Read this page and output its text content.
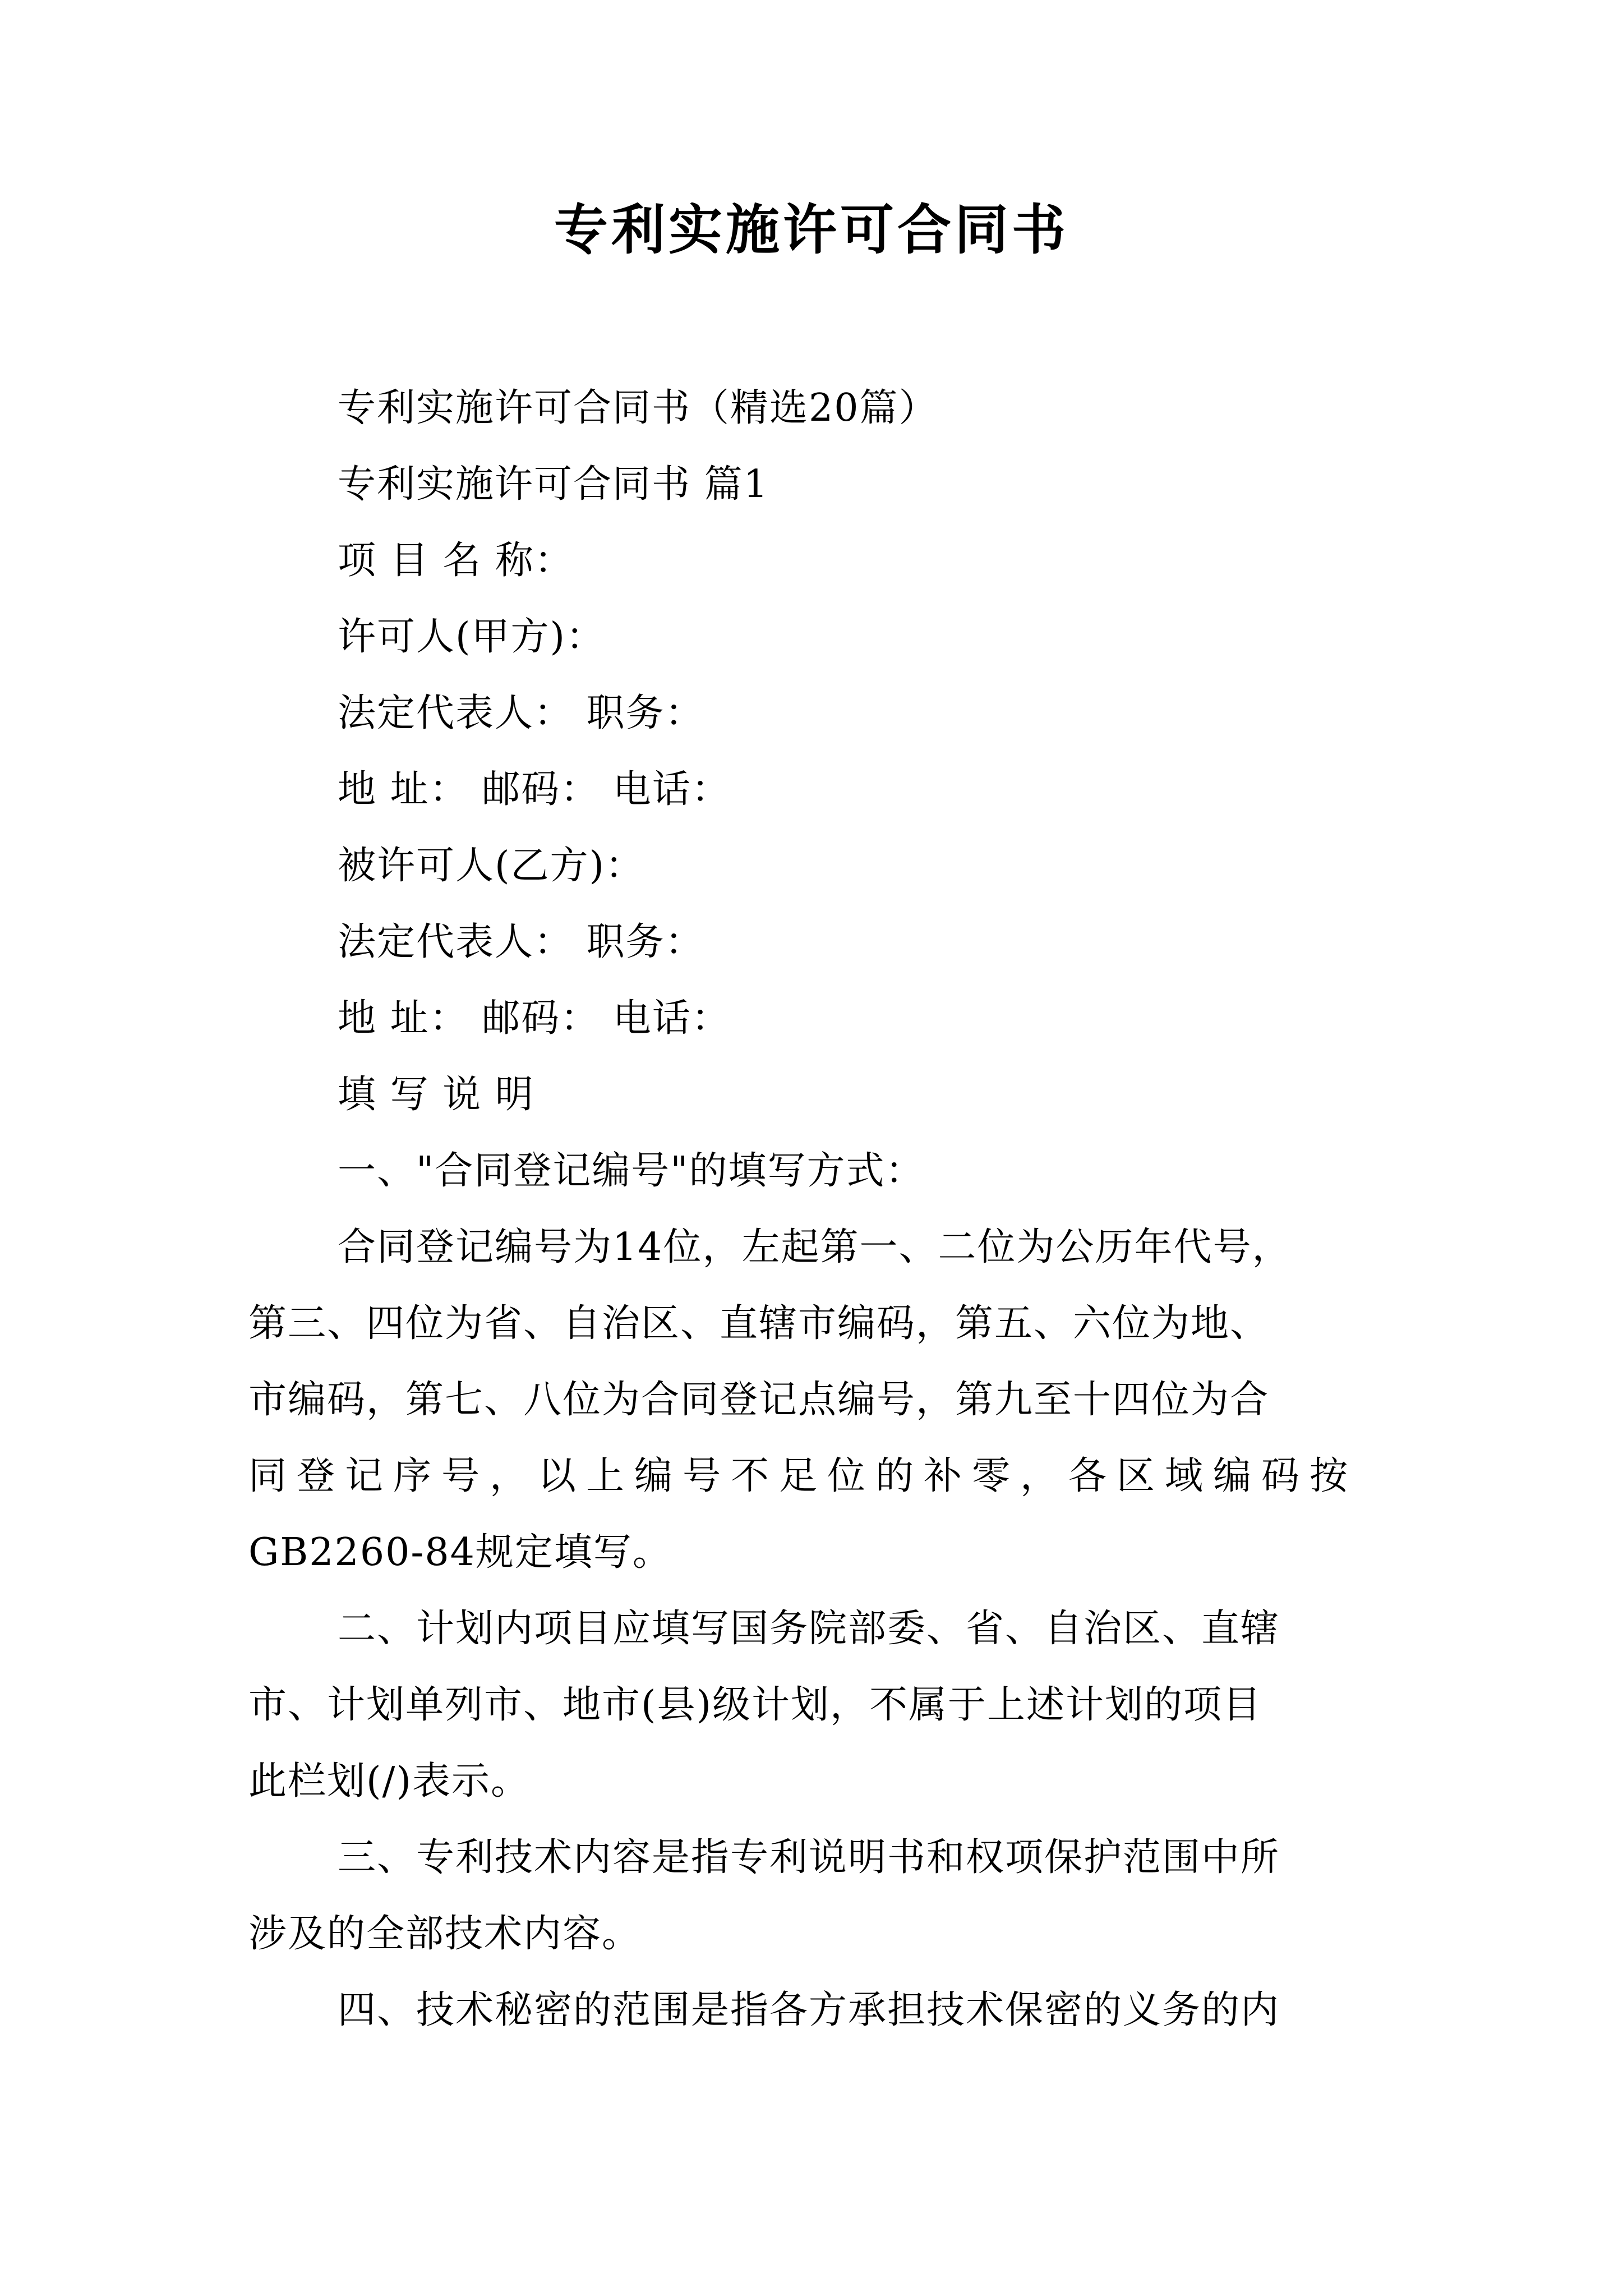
专利实施许可合同书
专利实施许可合同书（精选20篇）
专利实施许可合同书 篇1
项 目 名 称：
许可人(甲方)：
法定代表人： 职务：
地 址： 邮码： 电话：
被许可人(乙方)：
法定代表人： 职务：
地 址： 邮码： 电话：
填 写 说 明
一、"合同登记编号"的填写方式：
合同登记编号为14位，左起第一、二位为公历年代号，
第三、四位为省、自治区、直辖市编码，第五、六位为地、
市编码，第七、八位为合同登记点编号，第九至十四位为合
同登记序号，以上编号不足位的补零，各区域编码按
GB2260-84规定填写。
二、计划内项目应填写国务院部委、省、自治区、直辖
市、计划单列市、地市(县)级计划，不属于上述计划的项目
此栏划(/)表示。
三、专利技术内容是指专利说明书和权项保护范围中所
涉及的全部技术内容。
四、技术秘密的范围是指各方承担技术保密的义务的内
